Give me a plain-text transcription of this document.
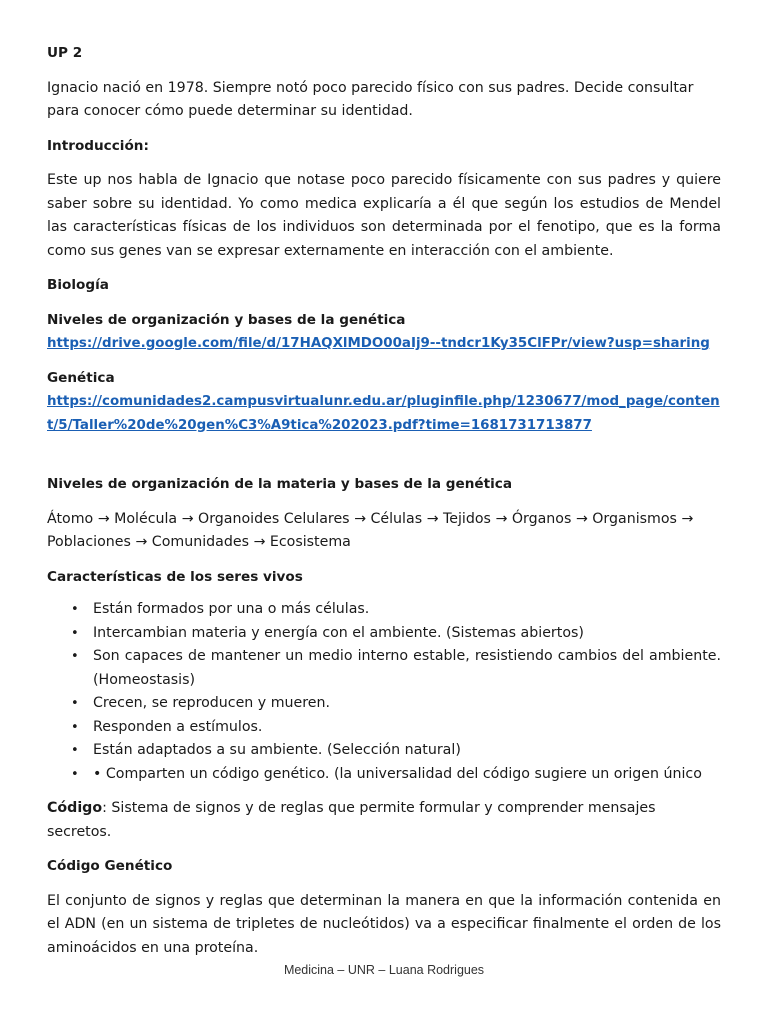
UP 2

Ignacio nació en 1978. Siempre notó poco parecido físico con sus padres. Decide consultar para conocer cómo puede determinar su identidad.

Introducción:

Este up nos habla de Ignacio que notase poco parecido físicamente con sus padres y quiere saber sobre su identidad. Yo como medica explicaría a él que según los estudios de Mendel las características físicas de los individuos son determinada por el fenotipo, que es la forma como sus genes van se expresar externamente en interacción con el ambiente.

Biología

Niveles de organización y bases de la genética

https://drive.google.com/file/d/17HAQXlMDO00aIj9--tndcr1Ky35ClFPr/view?usp=sharing

Genética

https://comunidades2.campusvirtualunr.edu.ar/pluginfile.php/1230677/mod_page/content/5/Taller%20de%20gen%C3%A9tica%202023.pdf?time=1681731713877

Niveles de organización de la materia y bases de la genética

Átomo → Molécula → Organoides Celulares → Células → Tejidos → Órganos → Organismos → Poblaciones → Comunidades → Ecosistema

Características de los seres vivos

• Están formados por una o más células.
• Intercambian materia y energía con el ambiente. (Sistemas abiertos)
• Son capaces de mantener un medio interno estable, resistiendo cambios del ambiente. (Homeostasis)
• Crecen, se reproducen y mueren.
• Responden a estímulos.
• Están adaptados a su ambiente. (Selección natural)
• • Comparten un código genético. (la universalidad del código sugiere un origen único

Código: Sistema de signos y de reglas que permite formular y comprender mensajes secretos.

Código Genético

El conjunto de signos y reglas que determinan la manera en que la información contenida en el ADN (en un sistema de tripletes de nucleótidos) va a especificar finalmente el orden de los aminoácidos en una proteína.

Medicina – UNR – Luana Rodrigues
